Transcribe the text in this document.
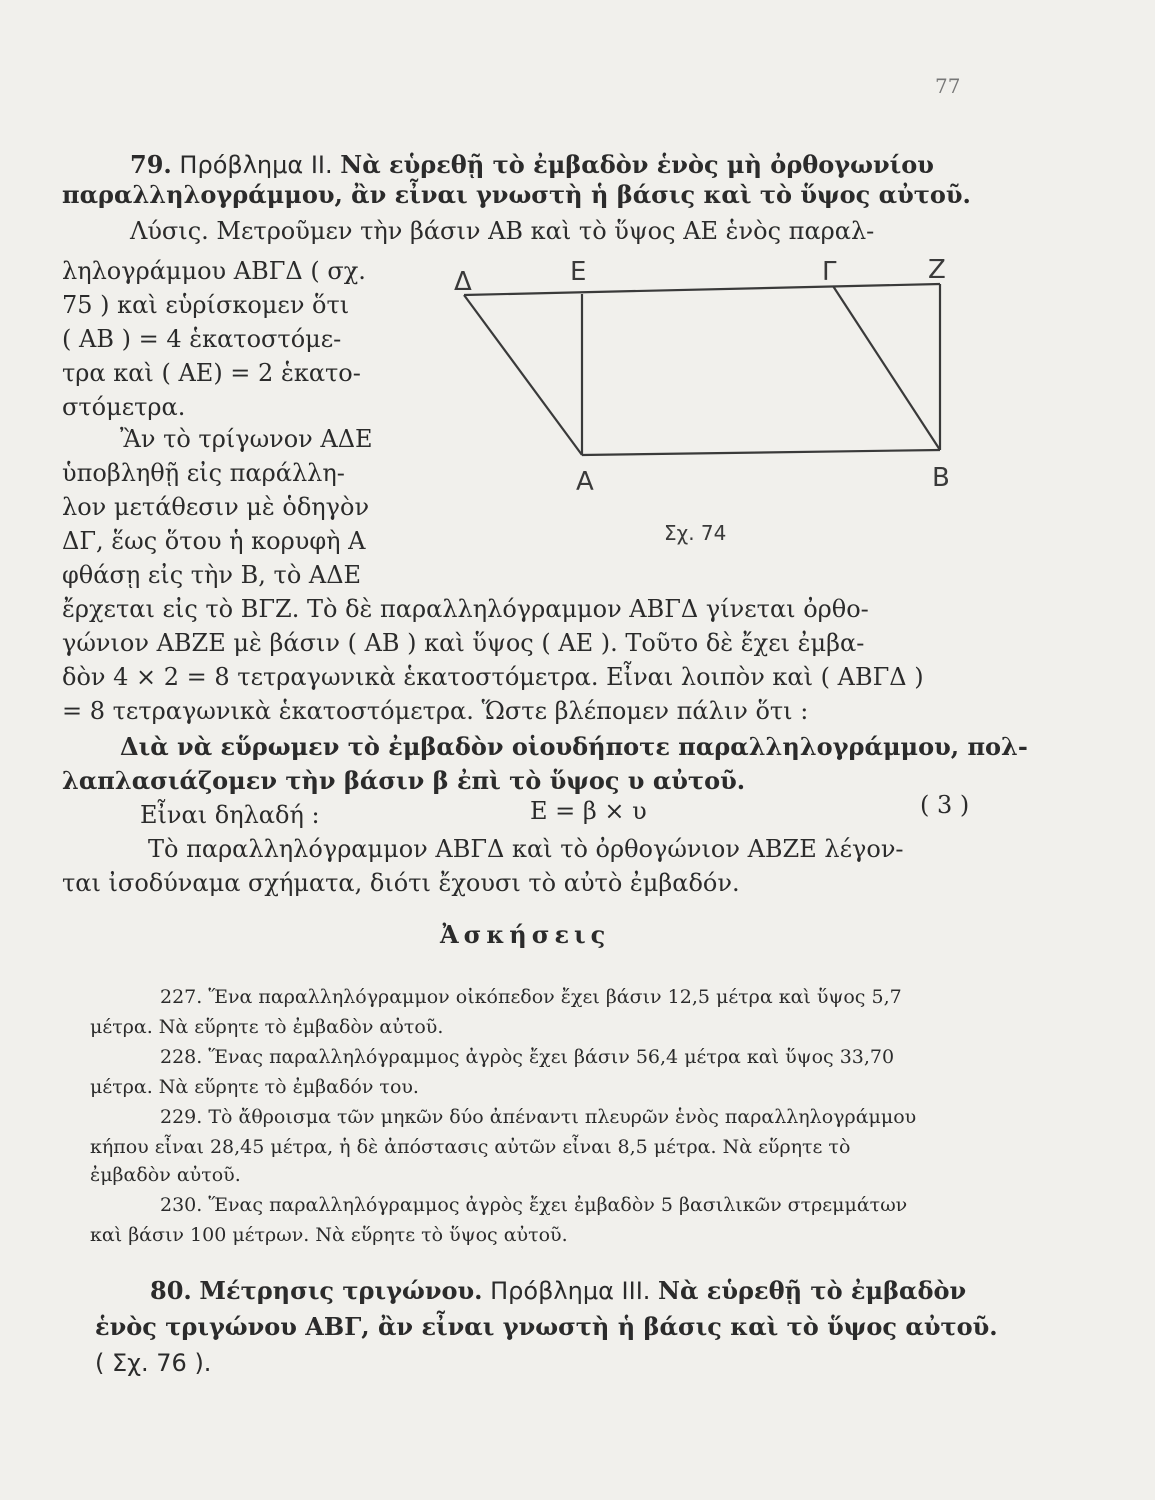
77
79. Πρόβλημα ΙΙ. Νὰ εὑρεθῇ τὸ ἐμβαδὸν ἑνὸς μὴ ὀρθογωνίου
παραλληλογράμμου, ἂν εἶναι γνωστὴ ἡ βάσις καὶ τὸ ὕψος αὐτοῦ.
Λύσις. Μετροῦμεν τὴν βάσιν ΑΒ καὶ τὸ ὕψος ΑΕ ἑνὸς παραλ-
ληλογράμμου ΑΒΓΔ ( σχ.
75 ) καὶ εὑρίσκομεν ὅτι
( ΑΒ ) = 4 ἑκατοστόμε-
τρα καὶ ( ΑΕ) = 2 ἑκατο-
στόμετρα.
Ἂν τὸ τρίγωνον ΑΔΕ
ὑποβληθῇ εἰς παράλλη-
λον μετάθεσιν μὲ ὁδηγὸν
ΔΓ, ἕως ὅτου ἡ κορυφὴ Α
φθάσῃ εἰς τὴν Β, τὸ ΑΔΕ
Δ	Ε	Γ	Ζ
Α	Β
Σχ. 74
ἔρχεται εἰς τὸ ΒΓΖ. Τὸ δὲ παραλληλόγραμμον ΑΒΓΔ γίνεται ὀρθο-
γώνιον ΑΒΖΕ μὲ βάσιν ( ΑΒ ) καὶ ὕψος ( ΑΕ ). Τοῦτο δὲ ἔχει ἐμβα-
δὸν 4 × 2 = 8 τετραγωνικὰ ἑκατοστόμετρα. Εἶναι λοιπὸν καὶ ( ΑΒΓΔ )
= 8 τετραγωνικὰ ἑκατοστόμετρα. Ὥστε βλέπομεν πάλιν ὅτι :
Διὰ νὰ εὕρωμεν τὸ ἐμβαδὸν οἱουδήποτε παραλληλογράμμου, πολ-
λαπλασιάζομεν τὴν βάσιν β ἐπὶ τὸ ὕψος υ αὐτοῦ.
Εἶναι δηλαδή :	Ε = β × υ	( 3 )
Τὸ παραλληλόγραμμον ΑΒΓΔ καὶ τὸ ὀρθογώνιον ΑΒΖΕ λέγον-
ται ἰσοδύναμα σχήματα, διότι ἔχουσι τὸ αὐτὸ ἐμβαδόν.
Ἀσκήσεις
227. Ἕνα παραλληλόγραμμον οἰκόπεδον ἔχει βάσιν 12,5 μέτρα καὶ ὕψος 5,7
μέτρα. Νὰ εὕρητε τὸ ἐμβαδὸν αὐτοῦ.
228. Ἕνας παραλληλόγραμμος ἀγρὸς ἔχει βάσιν 56,4 μέτρα καὶ ὕψος 33,70
μέτρα. Νὰ εὕρητε τὸ ἐμβαδόν του.
229. Τὸ ἄθροισμα τῶν μηκῶν δύο ἀπέναντι πλευρῶν ἑνὸς παραλληλογράμμου
κήπου εἶναι 28,45 μέτρα, ἡ δὲ ἀπόστασις αὐτῶν εἶναι 8,5 μέτρα. Νὰ εὕρητε τὸ
ἐμβαδὸν αὐτοῦ.
230. Ἕνας παραλληλόγραμμος ἀγρὸς ἔχει ἐμβαδὸν 5 βασιλικῶν στρεμμάτων
καὶ βάσιν 100 μέτρων. Νὰ εὕρητε τὸ ὕψος αὐτοῦ.
80. Μέτρησις τριγώνου. Πρόβλημα ΙΙΙ. Νὰ εὑρεθῇ τὸ ἐμβαδὸν
ἑνὸς τριγώνου ΑΒΓ, ἂν εἶναι γνωστὴ ἡ βάσις καὶ τὸ ὕψος αὐτοῦ.
( Σχ. 76 ).
